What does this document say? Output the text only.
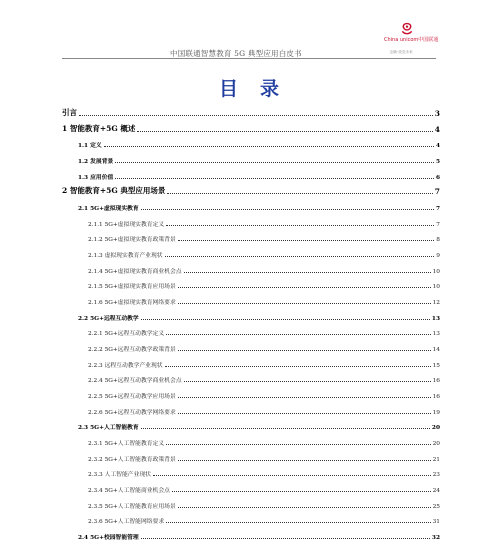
中国联通智慧教育 5G 典型应用白皮书
China unicom中国联通
创新·改变未来
目录
引言	3
1 智能教育+5G 概述	4
1.1 定义	4
1.2 发展背景	5
1.3 应用价值	6
2 智能教育+5G 典型应用场景	7
2.1 5G+虚拟现实教育	7
2.1.1 5G+虚拟现实教育定义	7
2.1.2 5G+虚拟现实教育政策背景	8
2.1.3 虚拟现实教育产业现状	9
2.1.4 5G+虚拟现实教育商业机会点	10
2.1.5 5G+虚拟现实教育应用场景	10
2.1.6 5G+虚拟现实教育网络要求	12
2.2 5G+远程互动教学	13
2.2.1 5G+远程互动教学定义	13
2.2.2 5G+远程互动教学政策背景	14
2.2.3 远程互动教学产业现状	15
2.2.4 5G+远程互动教学商业机会点	16
2.2.5 5G+远程互动教学应用场景	16
2.2.6 5G+远程互动教学网络要求	19
2.3 5G+人工智能教育	20
2.3.1 5G+人工智能教育定义	20
2.3.2 5G+人工智能教育政策背景	21
2.3.3 人工智能产业现状	23
2.3.4 5G+人工智能商业机会点	24
2.3.5 5G+人工智能教育应用场景	25
2.3.6 5G+人工智能网络要求	31
2.4 5G+校园智能管理	32
